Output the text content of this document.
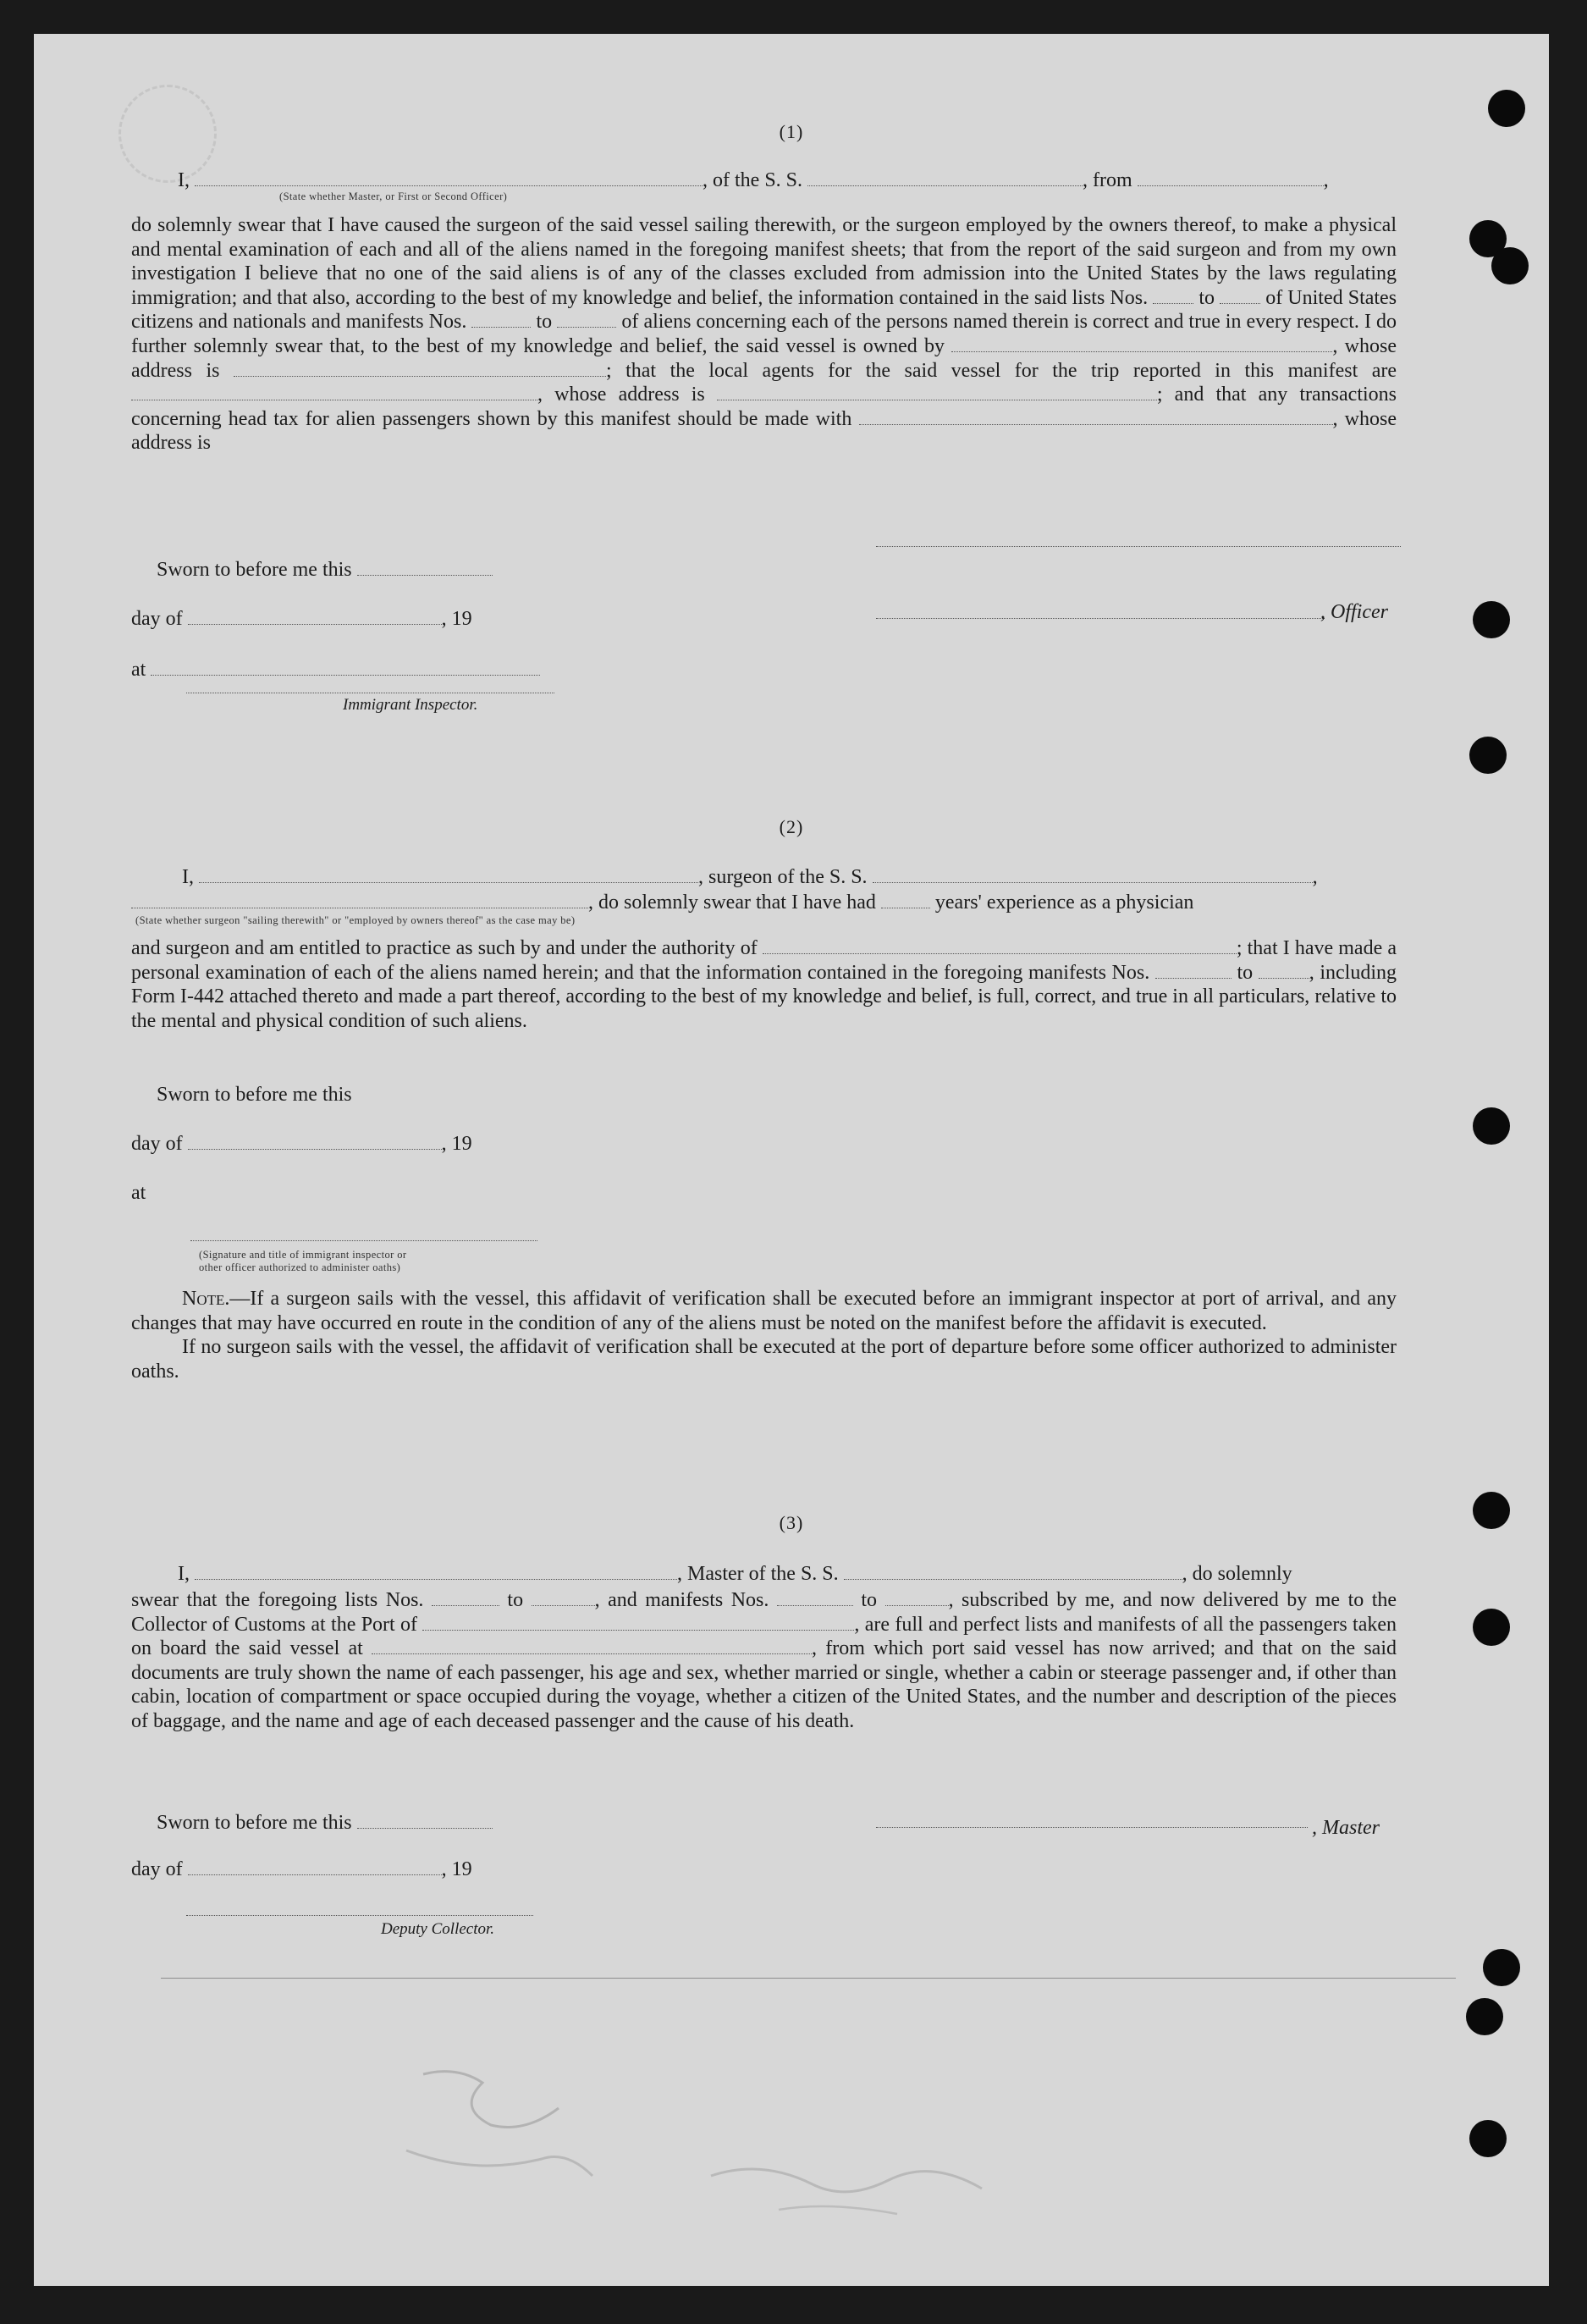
(1)
I,	, of the S. S.	, from	,
(State whether Master, or First or Second Officer)

do solemnly swear that I have caused the surgeon of the said vessel sailing therewith, or the surgeon employed by the owners thereof, to make a physical and mental examination of each and all of the aliens named in the foregoing manifest sheets; that from the report of the said surgeon and from my own investigation I believe that no one of the said aliens is of any of the classes excluded from admission into the United States by the laws regulating immigration; and that also, according to the best of my knowledge and belief, the information contained in the said lists Nos.	to	of United States citizens and nationals and manifests Nos.	to	of aliens concerning each of the persons named therein is correct and true in every respect. I do further solemnly swear that, to the best of my knowledge and belief, the said vessel is owned by	, whose address is	; that the local agents for the said vessel for the trip reported in this manifest are , whose address is	; and that any transactions concerning head tax for alien passengers shown by this manifest should be made with	, whose address is

Sworn to before me this
day of	, 19	, Officer
at
Immigrant Inspector.
(2)
I,	, surgeon of the S. S.	,
, do solemnly swear that I have had	years' experience as a physician
(State whether surgeon "sailing therewith" or "employed by owners thereof" as the case may be)

and surgeon and am entitled to practice as such by and under the authority of	; that I have made a personal examination of each of the aliens named herein; and that the information contained in the foregoing manifests Nos.	to	, including Form I-442 attached thereto and made a part thereof, according to the best of my knowledge and belief, is full, correct, and true in all particulars, relative to the mental and physical condition of such aliens.

Sworn to before me this
day of	, 19
at
(Signature and title of immigrant inspector or
other officer authorized to administer oaths)

Note.—If a surgeon sails with the vessel, this affidavit of verification shall be executed before an immigrant inspector at port of arrival, and any changes that may have occurred en route in the condition of any of the aliens must be noted on the manifest before the affidavit is executed.

If no surgeon sails with the vessel, the affidavit of verification shall be executed at the port of departure before some officer authorized to administer oaths.

(3)
I,	, Master of the S. S.	, do solemnly

swear that the foregoing lists Nos.	to	, and manifests Nos.	to	, subscribed by me, and now delivered by me to the Collector of Customs at the Port of	, are full and perfect lists and manifests of all the passengers taken on board the said vessel at	, from which port said vessel has now arrived; and that on the said documents are truly shown the name of each passenger, his age and sex, whether married or single, whether a cabin or steerage passenger and, if other than cabin, location of compartment or space occupied during the voyage, whether a citizen of the United States, and the number and description of the pieces of baggage, and the name and age of each deceased passenger and the cause of his death.

Sworn to before me this	, Master
day of	, 19
Deputy Collector.
